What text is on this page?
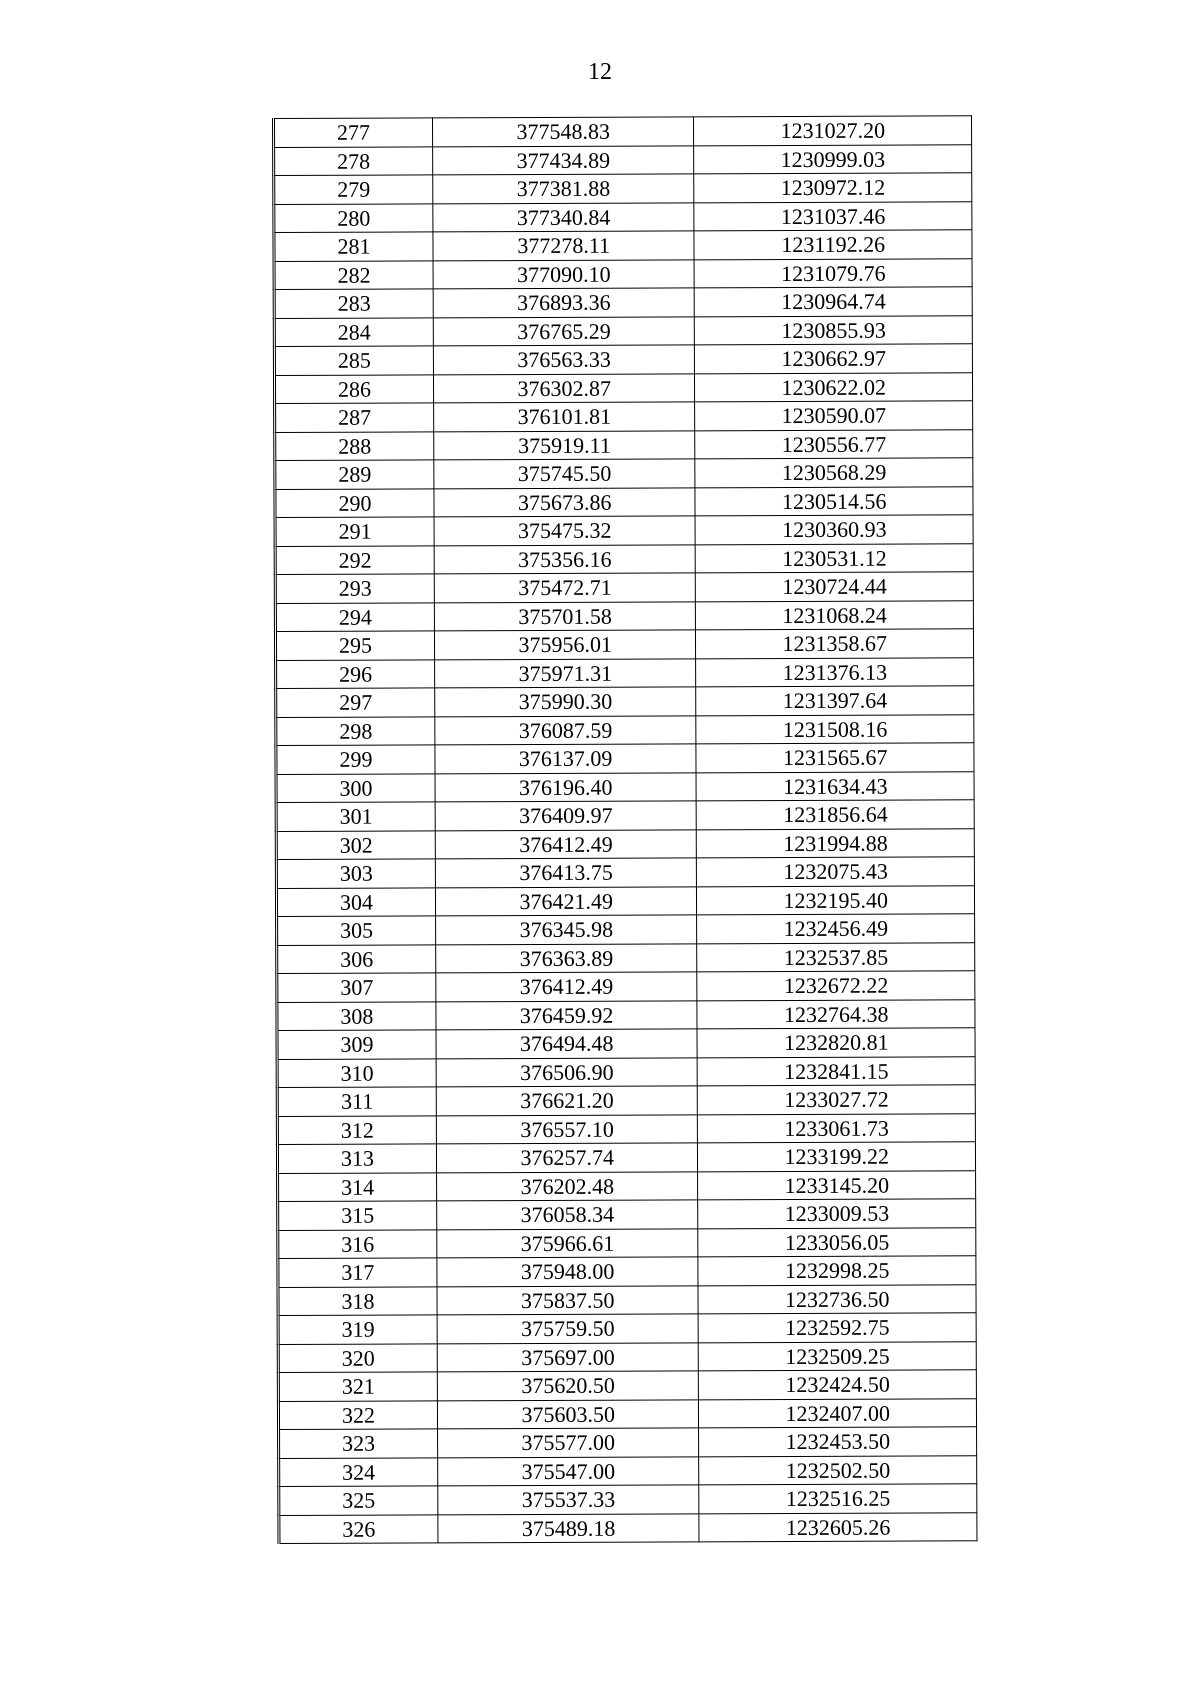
12
277	377548.83	1231027.20
278	377434.89	1230999.03
279	377381.88	1230972.12
280	377340.84	1231037.46
281	377278.11	1231192.26
282	377090.10	1231079.76
283	376893.36	1230964.74
284	376765.29	1230855.93
285	376563.33	1230662.97
286	376302.87	1230622.02
287	376101.81	1230590.07
288	375919.11	1230556.77
289	375745.50	1230568.29
290	375673.86	1230514.56
291	375475.32	1230360.93
292	375356.16	1230531.12
293	375472.71	1230724.44
294	375701.58	1231068.24
295	375956.01	1231358.67
296	375971.31	1231376.13
297	375990.30	1231397.64
298	376087.59	1231508.16
299	376137.09	1231565.67
300	376196.40	1231634.43
301	376409.97	1231856.64
302	376412.49	1231994.88
303	376413.75	1232075.43
304	376421.49	1232195.40
305	376345.98	1232456.49
306	376363.89	1232537.85
307	376412.49	1232672.22
308	376459.92	1232764.38
309	376494.48	1232820.81
310	376506.90	1232841.15
311	376621.20	1233027.72
312	376557.10	1233061.73
313	376257.74	1233199.22
314	376202.48	1233145.20
315	376058.34	1233009.53
316	375966.61	1233056.05
317	375948.00	1232998.25
318	375837.50	1232736.50
319	375759.50	1232592.75
320	375697.00	1232509.25
321	375620.50	1232424.50
322	375603.50	1232407.00
323	375577.00	1232453.50
324	375547.00	1232502.50
325	375537.33	1232516.25
326	375489.18	1232605.26
